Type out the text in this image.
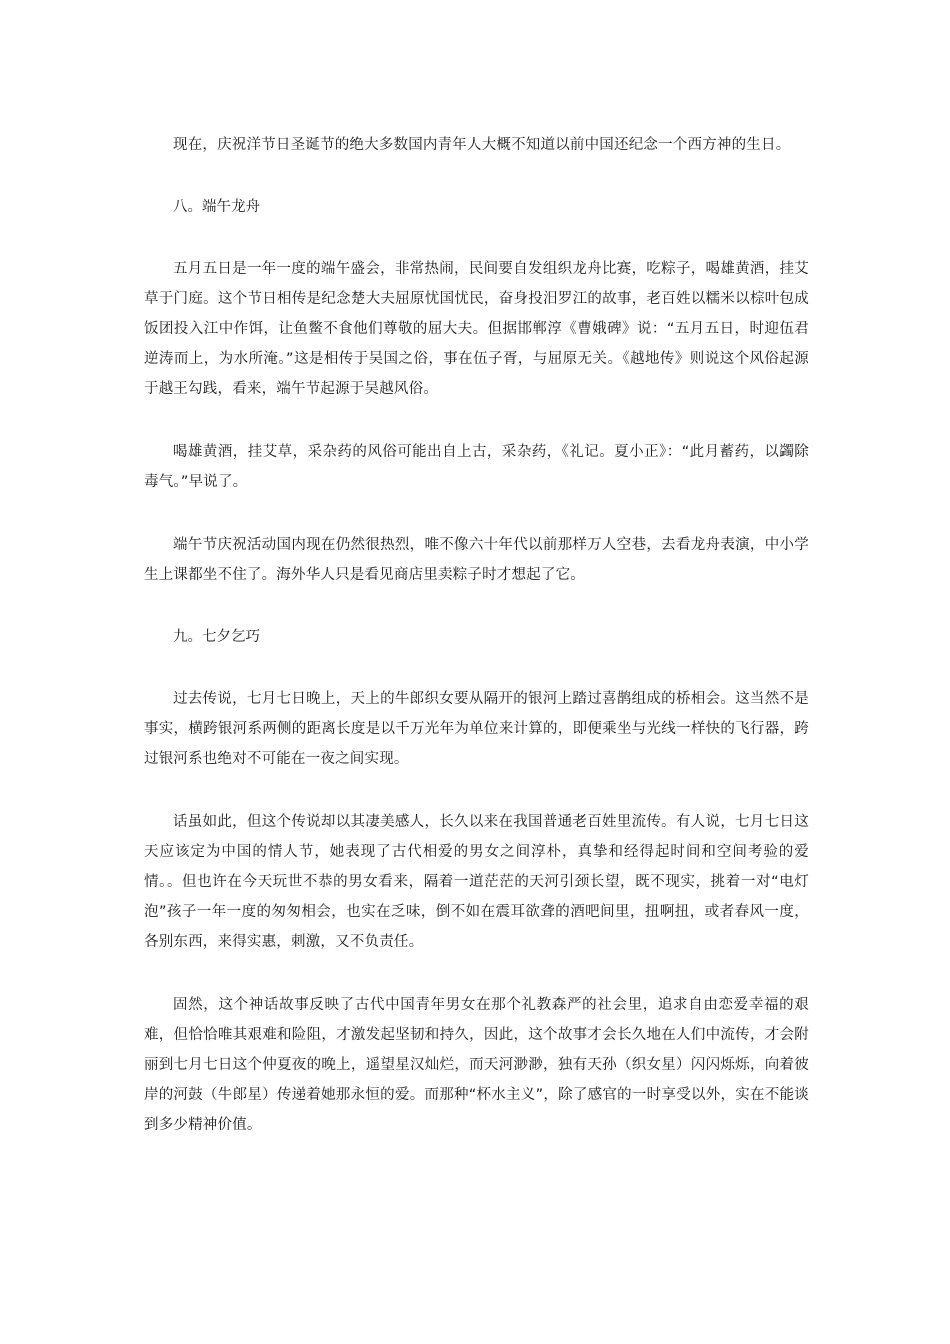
现在，庆祝洋节日圣诞节的绝大多数国内青年人大概不知道以前中国还纪念一个西方神的生日。

八。端午龙舟

五月五日是一年一度的端午盛会，非常热闹，民间要自发组织龙舟比赛，吃粽子，喝雄黄酒，挂艾草于门庭。这个节日相传是纪念楚大夫屈原忧国忧民，奋身投汨罗江的故事，老百姓以糯米以棕叶包成饭团投入江中作饵，让鱼鳖不食他们尊敬的屈大夫。但据邯郸淳《曹娥碑》说：“五月五日，时迎伍君逆涛而上，为水所淹。”这是相传于吴国之俗，事在伍子胥，与屈原无关。《越地传》则说这个风俗起源于越王勾践，看来，端午节起源于吴越风俗。

喝雄黄酒，挂艾草，采杂药的风俗可能出自上古，采杂药，《礼记。夏小正》：“此月蓄药，以蠲除毒气。”早说了。

端午节庆祝活动国内现在仍然很热烈，唯不像六十年代以前那样万人空巷，去看龙舟表演，中小学生上课都坐不住了。海外华人只是看见商店里卖粽子时才想起了它。

九。七夕乞巧

过去传说，七月七日晚上，天上的牛郎织女要从隔开的银河上踏过喜鹊组成的桥相会。这当然不是事实，横跨银河系两侧的距离长度是以千万光年为单位来计算的，即便乘坐与光线一样快的飞行器，跨过银河系也绝对不可能在一夜之间实现。

话虽如此，但这个传说却以其凄美感人，长久以来在我国普通老百姓里流传。有人说，七月七日这天应该定为中国的情人节，她表现了古代相爱的男女之间淳朴，真挚和经得起时间和空间考验的爱情。。但也许在今天玩世不恭的男女看来，隔着一道茫茫的天河引颈长望，既不现实，挑着一对“电灯泡”孩子一年一度的匆匆相会，也实在乏味，倒不如在震耳欲聋的酒吧间里，扭啊扭，或者春风一度，各别东西，来得实惠，刺激，又不负责任。

固然，这个神话故事反映了古代中国青年男女在那个礼教森严的社会里，追求自由恋爱幸福的艰难，但恰恰唯其艰难和险阻，才激发起坚韧和持久，因此，这个故事才会长久地在人们中流传，才会附丽到七月七日这个仲夏夜的晚上，遥望星汉灿烂，而天河渺渺，独有天孙（织女星）闪闪烁烁，向着彼岸的河鼓（牛郎星）传递着她那永恒的爱。而那种“杯水主义”，除了感官的一时享受以外，实在不能谈到多少精神价值。
